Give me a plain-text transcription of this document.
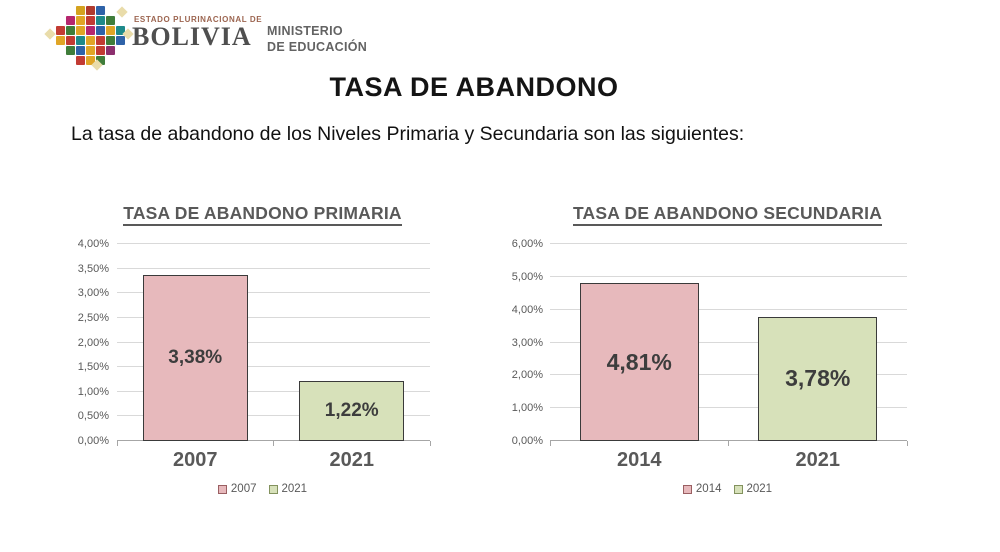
ESTADO PLURINACIONAL DE
BOLIVIA MINISTERIO
DE EDUCACIÓN
TASA DE ABANDONO
La tasa de abandono de los Niveles Primaria y Secundaria son las siguientes:
TASA DE ABANDONO PRIMARIA
0,00%
0,50%
1,00%
1,50%
2,00%
2,50%
3,00%
3,50%
4,00%
3,38%
1,22%
2007	2021
2007 2021
TASA DE ABANDONO SECUNDARIA
0,00%
1,00%
2,00%
3,00%
4,00%
5,00%
6,00%
4,81%
3,78%
2014	2021
2014 2021
